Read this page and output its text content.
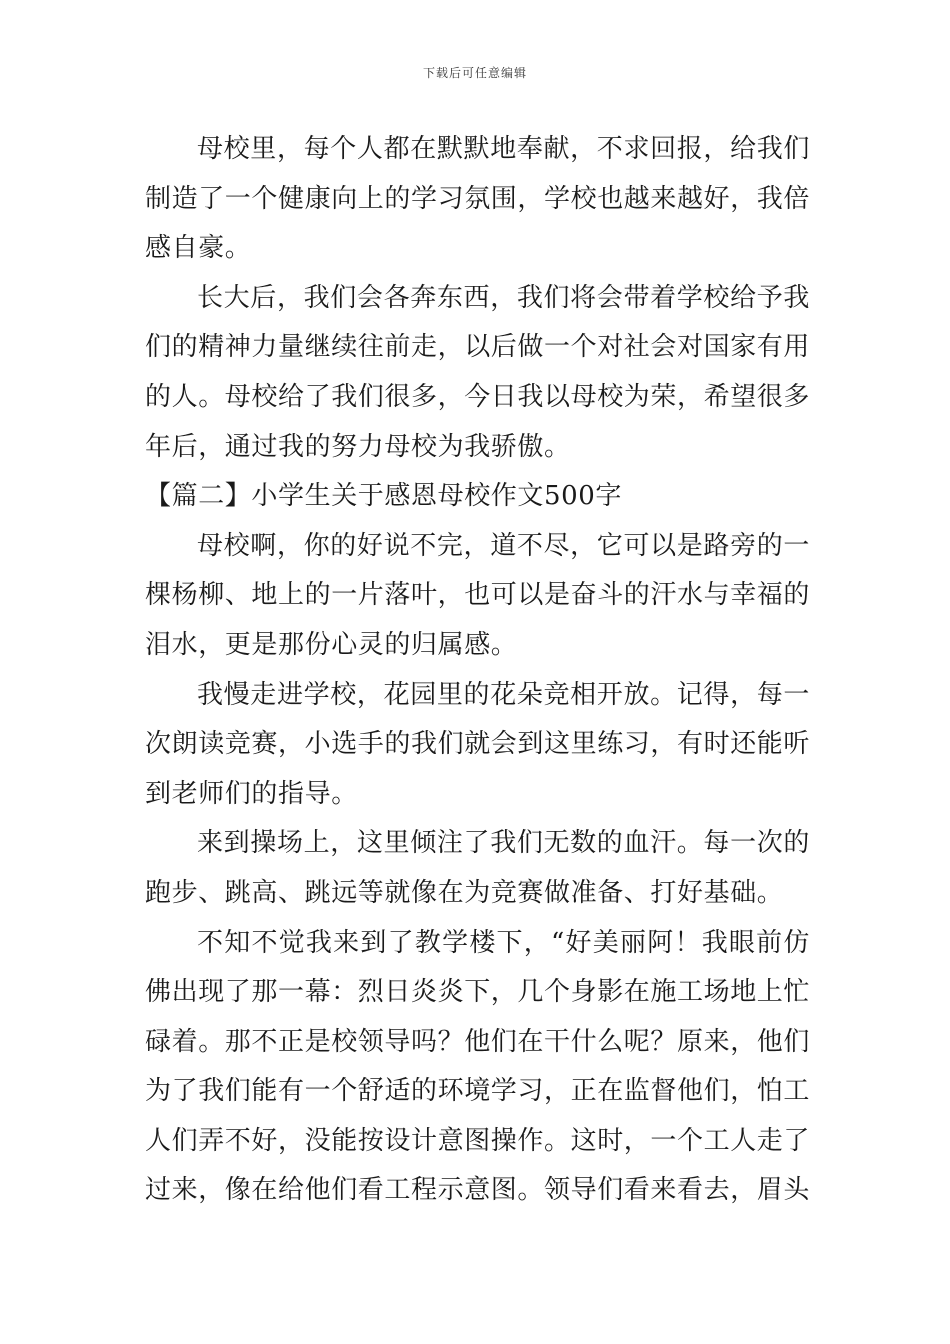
下载后可任意编辑

母校里，每个人都在默默地奉献，不求回报，给我们制造了一个健康向上的学习氛围，学校也越来越好，我倍感自豪。

长大后，我们会各奔东西，我们将会带着学校给予我们的精神力量继续往前走，以后做一个对社会对国家有用的人。母校给了我们很多，今日我以母校为荣，希望很多年后，通过我的努力母校为我骄傲。

【篇二】小学生关于感恩母校作文500字

母校啊，你的好说不完，道不尽，它可以是路旁的一棵杨柳、地上的一片落叶，也可以是奋斗的汗水与幸福的泪水，更是那份心灵的归属感。

我慢走进学校，花园里的花朵竞相开放。记得，每一次朗读竞赛，小选手的我们就会到这里练习，有时还能听到老师们的指导。

来到操场上，这里倾注了我们无数的血汗。每一次的跑步、跳高、跳远等就像在为竞赛做准备、打好基础。

不知不觉我来到了教学楼下，“好美丽阿！我眼前仿佛出现了那一幕：烈日炎炎下，几个身影在施工场地上忙碌着。那不正是校领导吗？他们在干什么呢？原来，他们为了我们能有一个舒适的环境学习，正在监督他们，怕工人们弄不好，没能按设计意图操作。这时，一个工人走了过来，像在给他们看工程示意图。领导们看来看去，眉头
